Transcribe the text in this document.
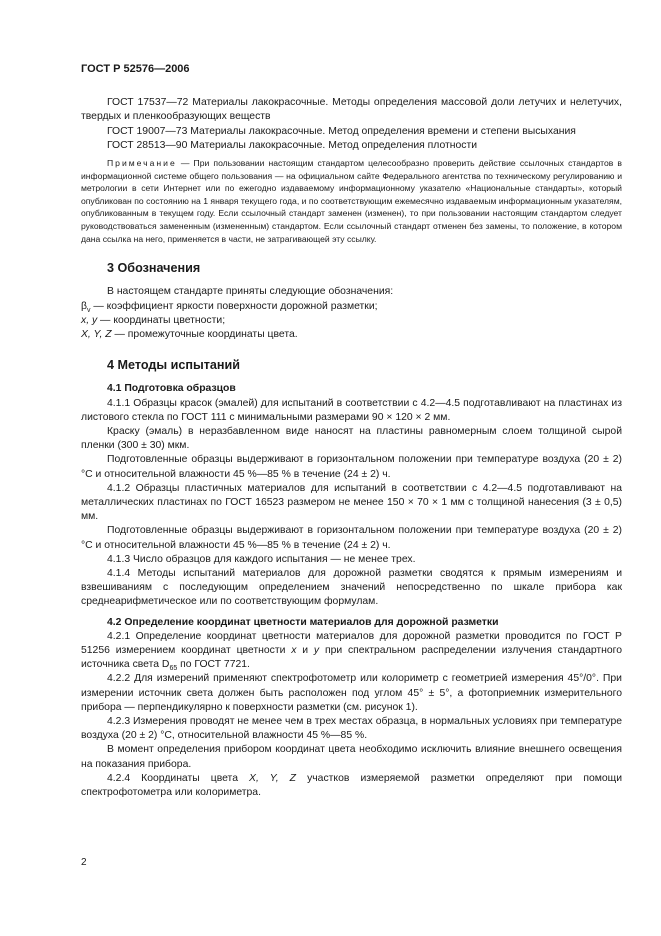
ГОСТ Р 52576—2006

ГОСТ 17537—72 Материалы лакокрасочные. Методы определения массовой доли летучих и нелетучих, твердых и пленкообразующих веществ

ГОСТ 19007—73 Материалы лакокрасочные. Метод определения времени и степени высыхания

ГОСТ 28513—90 Материалы лакокрасочные. Метод определения плотности

Примечание — При пользовании настоящим стандартом целесообразно проверить действие ссылочных стандартов в информационной системе общего пользования — на официальном сайте Федерального агентства по техническому регулированию и метрологии в сети Интернет или по ежегодно издаваемому информационному указателю «Национальные стандарты», который опубликован по состоянию на 1 января текущего года, и по соответствующим ежемесячно издаваемым информационным указателям, опубликованным в текущем году. Если ссылочный стандарт заменен (изменен), то при пользовании настоящим стандартом следует руководствоваться замененным (измененным) стандартом. Если ссылочный стандарт отменен без замены, то положение, в котором дана ссылка на него, применяется в части, не затрагивающей эту ссылку.

3 Обозначения

В настоящем стандарте приняты следующие обозначения:

$\beta_v$ — коэффициент яркости поверхности дорожной разметки;

x, y — координаты цветности;

X, Y, Z — промежуточные координаты цвета.

4 Методы испытаний
4.1 Подготовка образцов

4.1.1 Образцы красок (эмалей) для испытаний в соответствии с 4.2—4.5 подготавливают на пластинах из листового стекла по ГОСТ 111 с минимальными размерами 90 × 120 × 2 мм.

Краску (эмаль) в неразбавленном виде наносят на пластины равномерным слоем толщиной сырой пленки (300 ± 30) мкм.

Подготовленные образцы выдерживают в горизонтальном положении при температуре воздуха (20 ± 2) °С и относительной влажности 45 %—85 % в течение (24 ± 2) ч.

4.1.2 Образцы пластичных материалов для испытаний в соответствии с 4.2—4.5 подготавливают на металлических пластинах по ГОСТ 16523 размером не менее 150 × 70 × 1 мм с толщиной нанесения (3 ± 0,5) мм.

Подготовленные образцы выдерживают в горизонтальном положении при температуре воздуха (20 ± 2) °С и относительной влажности 45 %—85 % в течение (24 ± 2) ч.

4.1.3 Число образцов для каждого испытания — не менее трех.

4.1.4 Методы испытаний материалов для дорожной разметки сводятся к прямым измерениям и взвешиваниям с последующим определением значений непосредственно по шкале прибора как среднеарифметическое или по соответствующим формулам.

4.2 Определение координат цветности материалов для дорожной разметки

4.2.1 Определение координат цветности материалов для дорожной разметки проводится по ГОСТ Р 51256 измерением координат цветности x и y при спектральном распределении излучения стандартного источника света $D_{65}$ по ГОСТ 7721.

4.2.2 Для измерений применяют спектрофотометр или колориметр с геометрией измерения 45°/0°. При измерении источник света должен быть расположен под углом 45° ± 5°, а фотоприемник измерительного прибора — перпендикулярно к поверхности разметки (см. рисунок 1).

4.2.3 Измерения проводят не менее чем в трех местах образца, в нормальных условиях при температуре воздуха (20 ± 2) °С, относительной влажности 45 %—85 %.

В момент определения прибором координат цвета необходимо исключить влияние внешнего освещения на показания прибора.

4.2.4 Координаты цвета X, Y, Z участков измеряемой разметки определяют при помощи спектрофотометра или колориметра.

2
